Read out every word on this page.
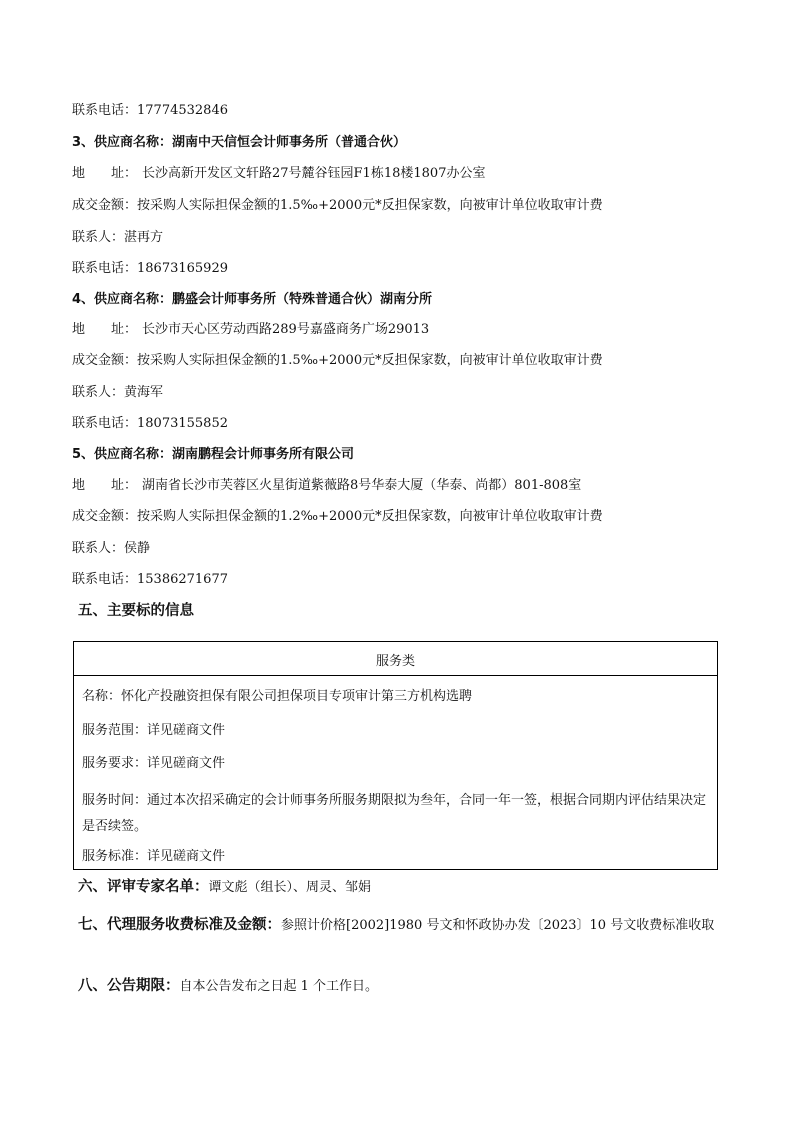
联系电话：17774532846
3、供应商名称：湖南中天信恒会计师事务所（普通合伙）
地 址： 长沙高新开发区文轩路27号麓谷钰园F1栋18楼1807办公室
成交金额：按采购人实际担保金额的1.5‰+2000元*反担保家数，向被审计单位收取审计费
联系人：湛再方
联系电话：18673165929
4、供应商名称：鹏盛会计师事务所（特殊普通合伙）湖南分所
地 址： 长沙市天心区劳动西路289号嘉盛商务广场29013
成交金额：按采购人实际担保金额的1.5‰+2000元*反担保家数，向被审计单位收取审计费
联系人：黄海军
联系电话：18073155852
5、供应商名称：湖南鹏程会计师事务所有限公司
地 址： 湖南省长沙市芙蓉区火星街道紫薇路8号华泰大厦（华泰、尚都）801-808室
成交金额：按采购人实际担保金额的1.2‰+2000元*反担保家数，向被审计单位收取审计费
联系人：侯静
联系电话：15386271677
五、主要标的信息
服务类
名称：怀化产投融资担保有限公司担保项目专项审计第三方机构选聘
服务范围：详见磋商文件
服务要求：详见磋商文件
服务时间：通过本次招采确定的会计师事务所服务期限拟为叁年，合同一年一签，根据合同期内评估结果决定是否续签。
服务标准：详见磋商文件
六、评审专家名单：谭文彪（组长）、周灵、邹娟
七、代理服务收费标准及金额：参照计价格[2002]1980 号文和怀政协办发〔2023〕10 号文收费标准收取
八、公告期限：自本公告发布之日起 1 个工作日。
